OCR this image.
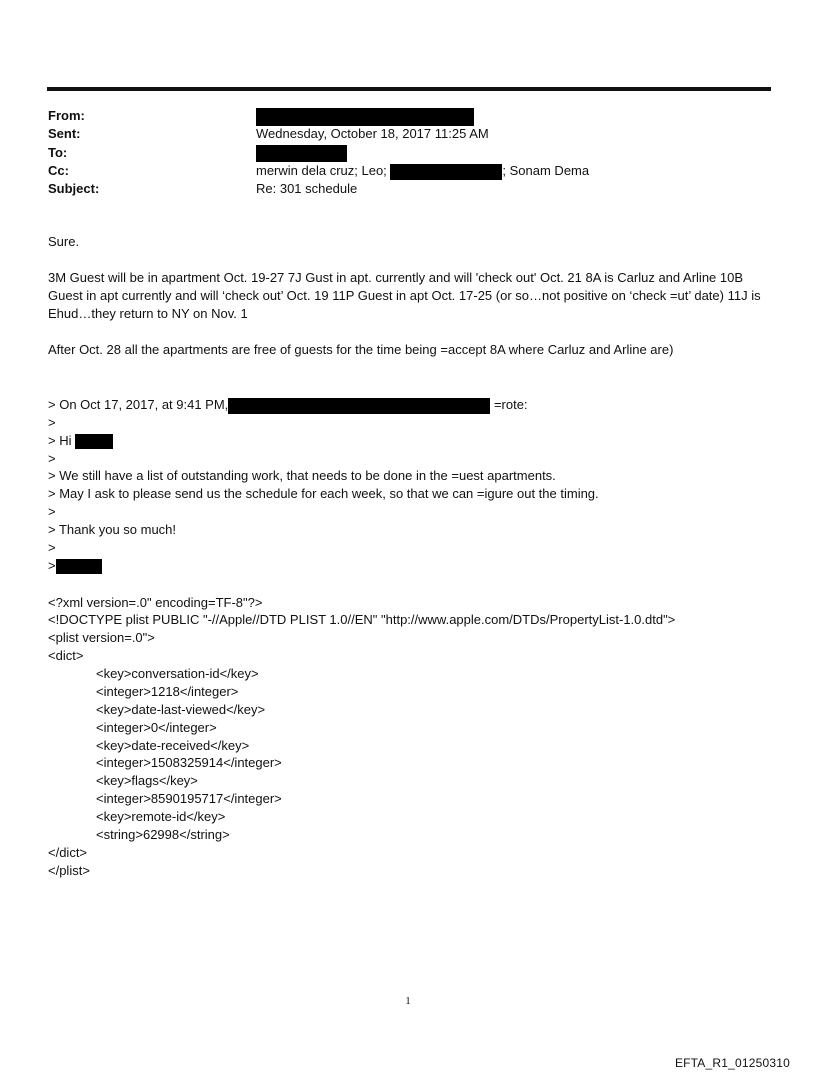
From:
Sent:	Wednesday, October 18, 2017 11:25 AM
To:
Cc:	merwin dela cruz; Leo;	; Sonam Dema
Subject:	Re: 301 schedule
Sure.
3M Guest will be in apartment Oct. 19-27 7J Gust in apt. currently and will 'check out' Oct. 21 8A is Carluz and Arline 10B Guest in apt currently and will ‘check out’ Oct. 19 11P Guest in apt Oct. 17-25 (or so…not positive on ‘check =ut’ date) 11J is Ehud…they return to NY on Nov. 1
After Oct. 28 all the apartments are free of guests for the time being =accept 8A where Carluz and Arline are)
> On Oct 17, 2017, at 9:41 PM,	=rote:
>
> Hi
>
> We still have a list of outstanding work, that needs to be done in the =uest apartments.
> May I ask to please send us the schedule for each week, so that we can =igure out the timing.
>
> Thank you so much!
>
>
<?xml version=.0" encoding=TF-8"?>
<!DOCTYPE plist PUBLIC "-//Apple//DTD PLIST 1.0//EN" "http://www.apple.com/DTDs/PropertyList-1.0.dtd">
<plist version=.0">
<dict>
<key>conversation-id</key>
<integer>1218</integer>
<key>date-last-viewed</key>
<integer>0</integer>
<key>date-received</key>
<integer>1508325914</integer>
<key>flags</key>
<integer>8590195717</integer>
<key>remote-id</key>
<string>62998</string>
</dict>
</plist>
1
EFTA_R1_01250310
